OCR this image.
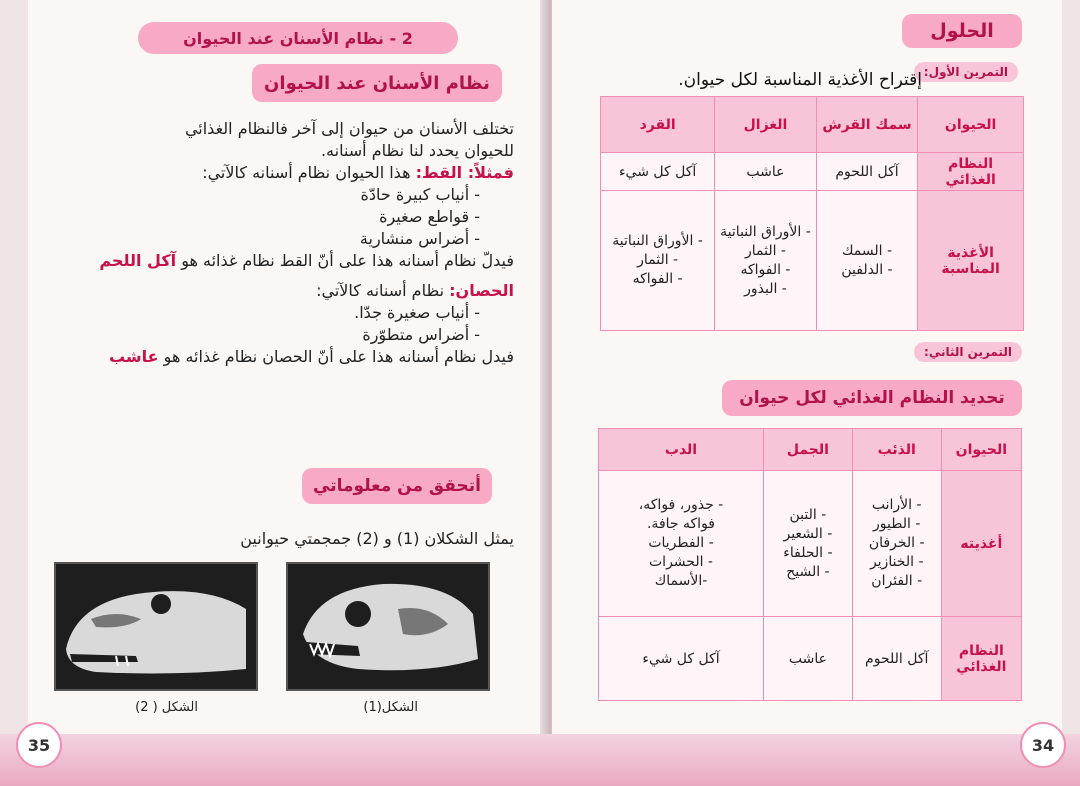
2 - نظام الأسنان عند الحيوان
نظام الأسنان عند الحيوان
تختلف الأسنان من حيوان إلى آخر فالنظام الغذائي
للحيوان يحدد لنا نظام أسنانه.
فمثلاً: القط: هذا الحيوان نظام أسنانه كالآتي:
- أنياب كبيرة حادّة
- قواطع صغيرة
- أضراس منشارية
فيدلّ نظام أسنانه هذا على أنّ القط نظام غذائه هو آكل اللحم
الحصان: نظام أسنانه كالآتي:
- أنياب صغيرة جدّا.
- أضراس متطوّرة
فيدل نظام أسنانه هذا على أنّ الحصان نظام غذائه هو عاشب
أتحقق من معلوماتي
يمثل الشكلان (1) و (2) جمجمتي حيوانين
الشكل(1)
الشكل ( 2)
الحلول
التمرين الأول:
إقتراح الأغذية المناسبة لكل حيوان.
الحيوان	سمك القرش	الغزال	القرد
النظام الغذائي	آكل اللحوم	عاشب	آكل كل شيء
الأغذية المناسبة	- السمك
- الدلفين	- الأوراق النباتية
- الثمار
- الفواكه
- البذور	- الأوراق النباتية
- الثمار
- الفواكه
التمرين الثاني:
تحديد النظام الغذائي لكل حيوان
الحيوان	الذئب	الجمل	الدب
أغذيته	- الأرانب
- الطيور
- الخرفان
- الخنازير
- الفئران	- التبن
- الشعير
- الحلفاء
- الشيح	- جذور، فواكه،
فواكه جافة.
- الفطريات
- الحشرات
-الأسماك

النظام الغذائي	آكل اللحوم	عاشب	آكل كل شيء
35	34
